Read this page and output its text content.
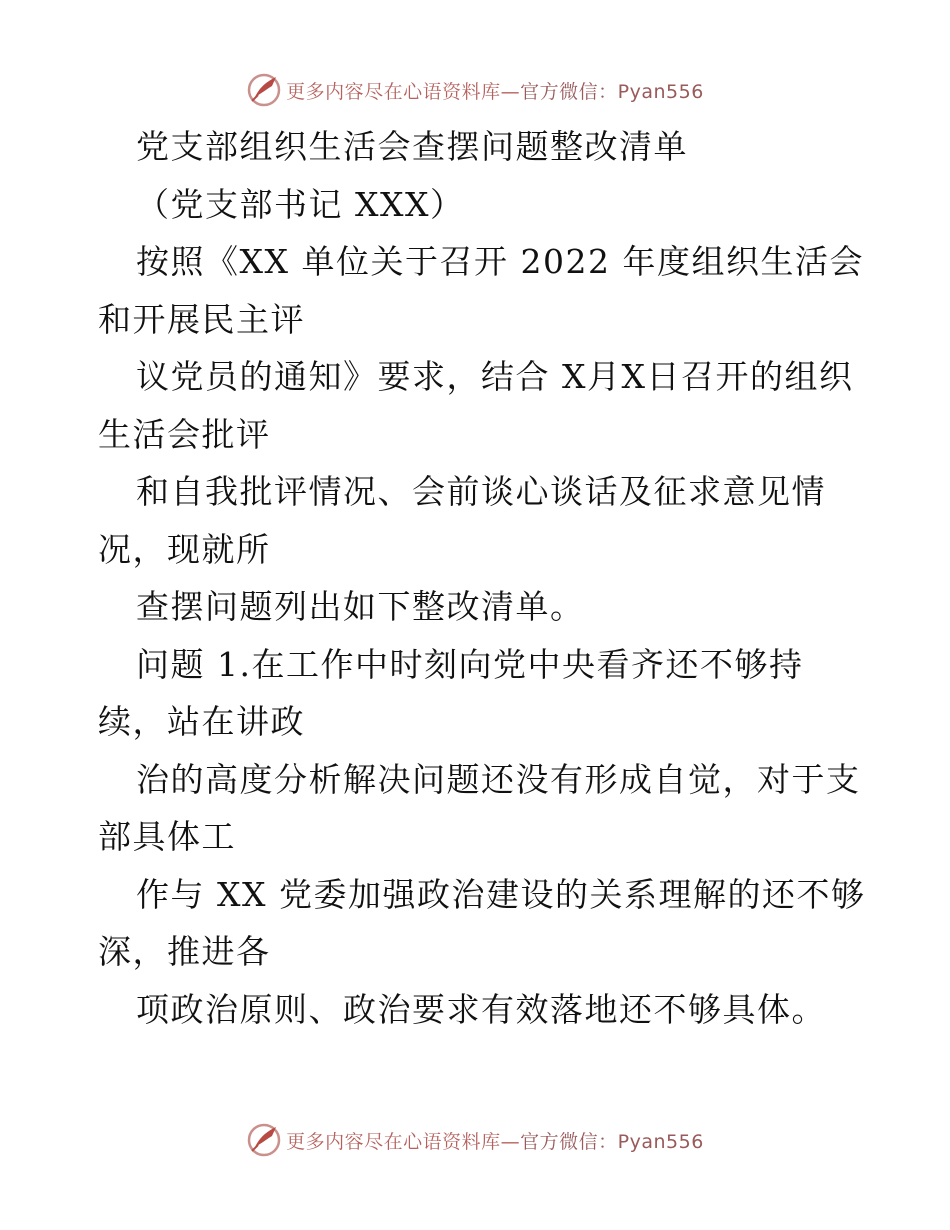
更多内容尽在心语资料库—官方微信：Pyan556

党支部组织生活会查摆问题整改清单

（党支部书记 XXX）

按照《XX 单位关于召开 2022 年度组织生活会

和开展民主评

议党员的通知》要求，结合 X月X日召开的组织

生活会批评

和自我批评情况、会前谈心谈话及征求意见情

况，现就所

查摆问题列出如下整改清单。

问题 1.在工作中时刻向党中央看齐还不够持

续，站在讲政

治的高度分析解决问题还没有形成自觉，对于支

部具体工

作与 XX 党委加强政治建设的关系理解的还不够

深，推进各

项政治原则、政治要求有效落地还不够具体。

更多内容尽在心语资料库—官方微信：Pyan556
